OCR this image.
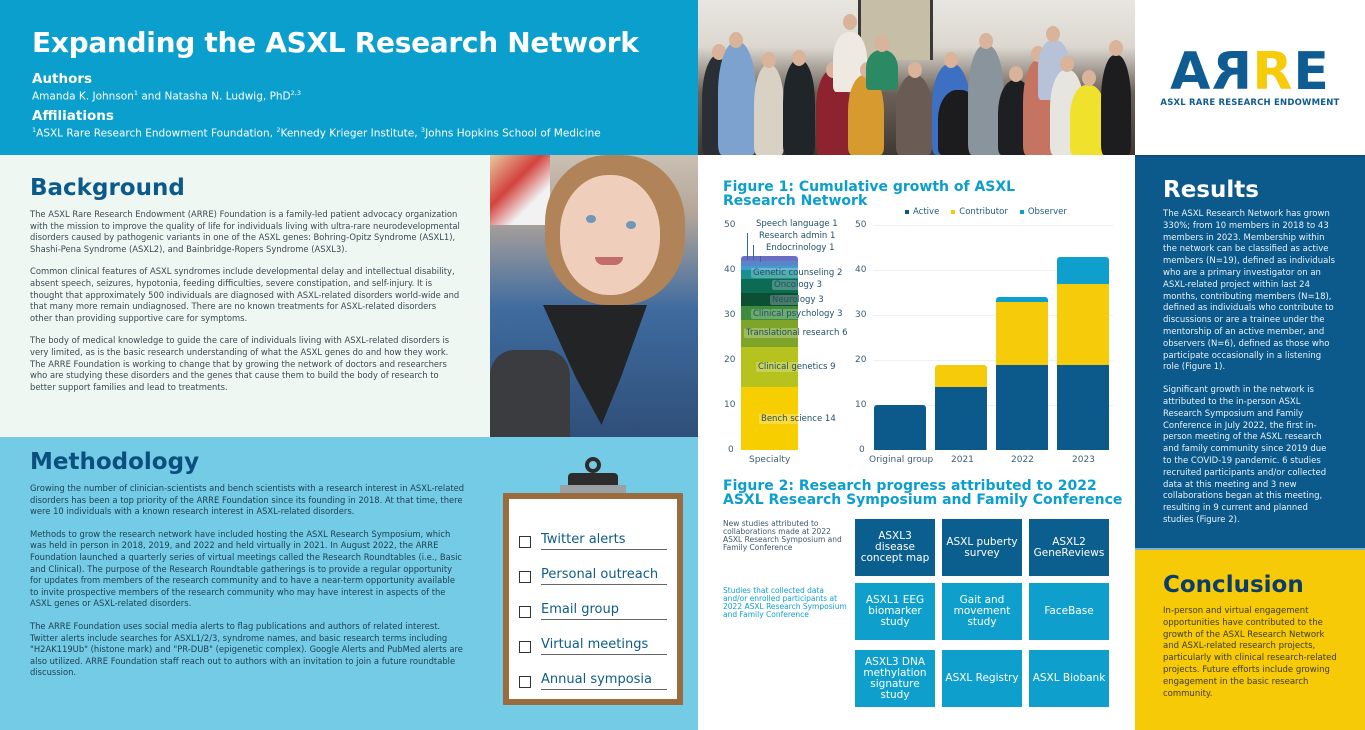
Expanding the ASXL Research Network
Authors
Amanda K. Johnson$^1$ and Natasha N. Ludwig, PhD$^{2,3}$
Affiliations
$^1$ASXL Rare Research Endowment Foundation, $^2$Kennedy Krieger Institute, $^3$Johns Hopkins School of Medicine
ARRE
ASXL RARE RESEARCH ENDOWMENT
Background

The ASXL Rare Research Endowment (ARRE) Foundation is a family-led patient advocacy organization with the mission to improve the quality of life for individuals living with ultra-rare neurodevelopmental disorders caused by pathogenic variants in one of the ASXL genes: Bohring-Opitz Syndrome (ASXL1), Shashi-Pena Syndrome (ASXL2), and Bainbridge-Ropers Syndrome (ASXL3).

Common clinical features of ASXL syndromes include developmental delay and intellectual disability, absent speech, seizures, hypotonia, feeding difficulties, severe constipation, and self-injury. It is thought that approximately 500 individuals are diagnosed with ASXL-related disorders world-wide and that many more remain undiagnosed. There are no known treatments for ASXL-related disorders other than providing supportive care for symptoms.

The body of medical knowledge to guide the care of individuals living with ASXL-related disorders is very limited, as is the basic research understanding of what the ASXL genes do and how they work. The ARRE Foundation is working to change that by growing the network of doctors and researchers who are studying these disorders and the genes that cause them to build the body of research to better support families and lead to treatments.

Methodology

Growing the number of clinician-scientists and bench scientists with a research interest in ASXL-related disorders has been a top priority of the ARRE Foundation since its founding in 2018. At that time, there were 10 individuals with a known research interest in ASXL-related disorders.

Methods to grow the research network have included hosting the ASXL Research Symposium, which was held in person in 2018, 2019, and 2022 and held virtually in 2021. In August 2022, the ARRE Foundation launched a quarterly series of virtual meetings called the Research Roundtables (i.e., Basic and Clinical). The purpose of the Research Roundtable gatherings is to provide a regular opportunity for updates from members of the research community and to have a near-term opportunity available to invite prospective members of the research community who may have interest in aspects of the ASXL genes or ASXL-related disorders.

The ARRE Foundation uses social media alerts to flag publications and authors of related interest. Twitter alerts include searches for ASXL1/2/3, syndrome names, and basic research terms including "H2AK119Ub" (histone mark) and "PR-DUB" (epigenetic complex). Google Alerts and PubMed alerts are also utilized. ARRE Foundation staff reach out to authors with an invitation to join a future roundtable discussion.

Twitter alerts
Personal outreach
Email group
Virtual meetings
Annual symposia
Figure 1: Cumulative growth of ASXL Research Network
Active	Contributor	Observer
50
40
30
20
10
0
Speech language 1
Research admin 1
Endocrinology 1
Genetic counseling 2
Oncology 3
Neurology 3
Clinical psychology 3
Translational research 6
Clinical genetics 9
Bench science 14
Specialty
50
40
30
20
10
0
Original group 2021	2022	2023
Figure 2: Research progress attributed to 2022
ASXL Research Symposium and Family Conference
New studies attributed to collaborations made at 2022 ASXL Research Symposium and Family Conference
Studies that collected data and/or enrolled participants at 2022 ASXL Research Symposium and Family Conference
ASXL3 disease concept map
ASXL puberty survey
ASXL2 GeneReviews
ASXL1 EEG biomarker study
Gait and movement study
FaceBase
ASXL3 DNA methylation signature study
ASXL Registry	ASXL Biobank
Results

The ASXL Research Network has grown 330%; from 10 members in 2018 to 43 members in 2023. Membership within the network can be classified as active members (N=19), defined as individuals who are a primary investigator on an ASXL-related project within last 24 months, contributing members (N=18), defined as individuals who contribute to discussions or are a trainee under the mentorship of an active member, and observers (N=6), defined as those who participate occasionally in a listening role (Figure 1).

Significant growth in the network is attributed to the in-person ASXL Research Symposium and Family Conference in July 2022, the first in-person meeting of the ASXL research and family community since 2019 due to the COVID-19 pandemic. 6 studies recruited participants and/or collected data at this meeting and 3 new collaborations began at this meeting, resulting in 9 current and planned studies (Figure 2).

Conclusion
In-person and virtual engagement opportunities have contributed to the growth of the ASXL Research Network and ASXL-related research projects, particularly with clinical research-related projects. Future efforts include growing engagement in the basic research community.
